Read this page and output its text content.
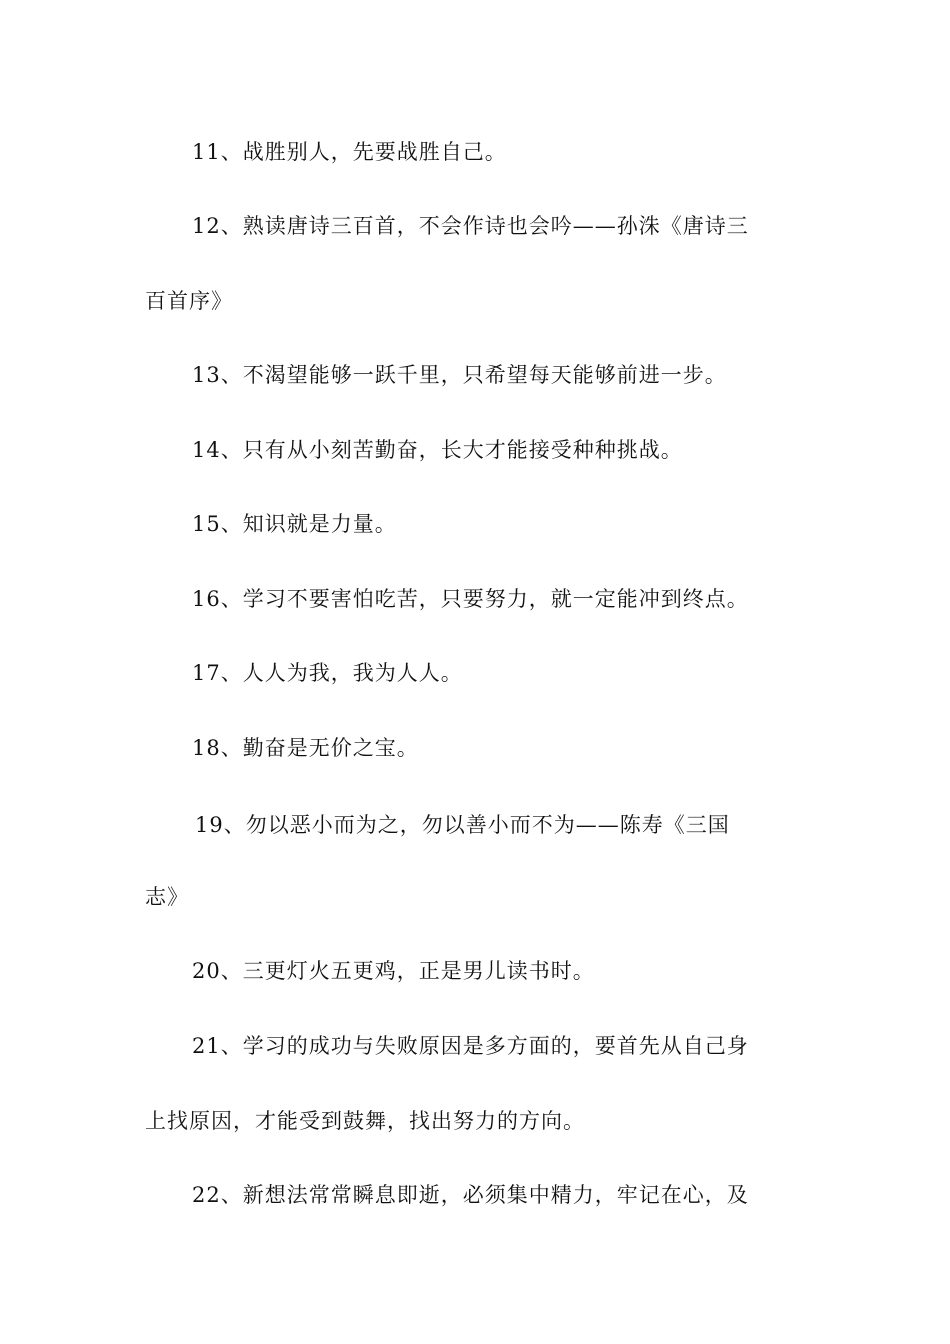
11、战胜别人，先要战胜自己。
12、熟读唐诗三百首，不会作诗也会吟——孙洙《唐诗三
百首序》
13、不渴望能够一跃千里，只希望每天能够前进一步。
14、只有从小刻苦勤奋，长大才能接受种种挑战。
15、知识就是力量。
16、学习不要害怕吃苦，只要努力，就一定能冲到终点。
17、人人为我，我为人人。
18、勤奋是无价之宝。
19、勿以恶小而为之，勿以善小而不为——陈寿《三国
志》
20、三更灯火五更鸡，正是男儿读书时。
21、学习的成功与失败原因是多方面的，要首先从自己身
上找原因，才能受到鼓舞，找出努力的方向。
22、新想法常常瞬息即逝，必须集中精力，牢记在心，及
